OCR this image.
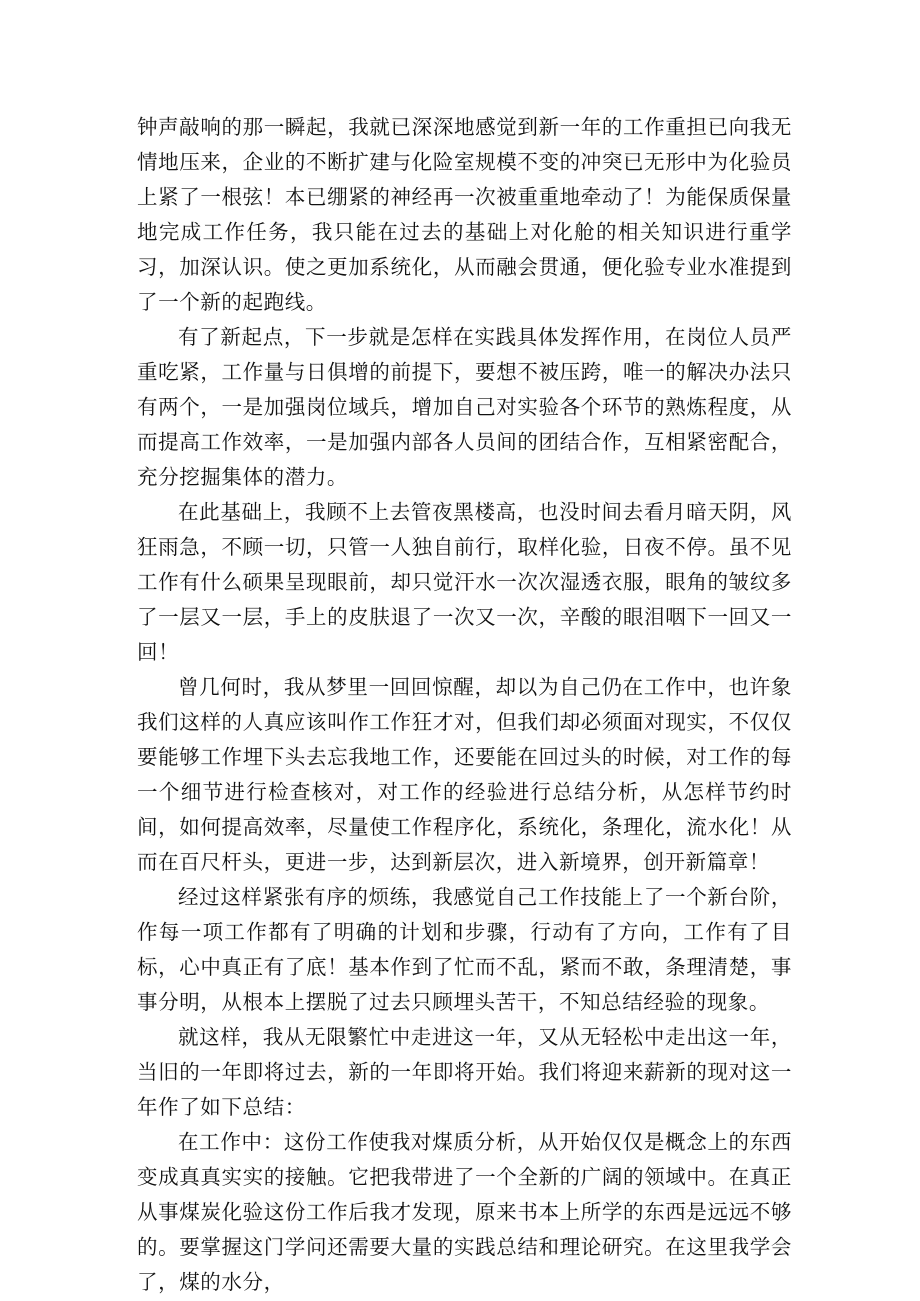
钟声敲响的那一瞬起，我就已深深地感觉到新一年的工作重担已向我无情地压来，企业的不断扩建与化险室规模不变的冲突已无形中为化验员上紧了一根弦！本已绷紧的神经再一次被重重地牵动了！为能保质保量地完成工作任务，我只能在过去的基础上对化舱的相关知识进行重学习，加深认识。使之更加系统化，从而融会贯通，便化验专业水准提到了一个新的起跑线。

有了新起点，下一步就是怎样在实践具体发挥作用，在岗位人员严重吃紧，工作量与日俱增的前提下，要想不被压跨，唯一的解决办法只有两个，一是加强岗位域兵，增加自己对实验各个环节的熟炼程度，从而提高工作效率，一是加强内部各人员间的团结合作，互相紧密配合，充分挖掘集体的潜力。

在此基础上，我顾不上去管夜黑楼高，也没时间去看月暗天阴，风狂雨急，不顾一切，只管一人独自前行，取样化验，日夜不停。虽不见工作有什么硕果呈现眼前，却只觉汗水一次次湿透衣服，眼角的皱纹多了一层又一层，手上的皮肤退了一次又一次，辛酸的眼泪咽下一回又一回！

曾几何时，我从梦里一回回惊醒，却以为自己仍在工作中，也许象我们这样的人真应该叫作工作狂才对，但我们却必须面对现实，不仅仅要能够工作埋下头去忘我地工作，还要能在回过头的时候，对工作的每一个细节进行检查核对，对工作的经验进行总结分析，从怎样节约时间，如何提高效率，尽量使工作程序化，系统化，条理化，流水化！从而在百尺杆头，更进一步，达到新层次，进入新境界，创开新篇章！

经过这样紧张有序的烦练，我感觉自己工作技能上了一个新台阶，作每一项工作都有了明确的计划和步骤，行动有了方向，工作有了目标，心中真正有了底！基本作到了忙而不乱，紧而不敢，条理清楚，事事分明，从根本上摆脱了过去只顾埋头苦干，不知总结经验的现象。

就这样，我从无限繁忙中走进这一年，又从无轻松中走出这一年，当旧的一年即将过去，新的一年即将开始。我们将迎来薪新的现对这一年作了如下总结：

在工作中：这份工作使我对煤质分析，从开始仅仅是概念上的东西变成真真实实的接触。它把我带进了一个全新的广阔的领域中。在真正从事煤炭化验这份工作后我才发现，原来书本上所学的东西是远远不够的。要掌握这门学问还需要大量的实践总结和理论研究。在这里我学会了，煤的水分，
